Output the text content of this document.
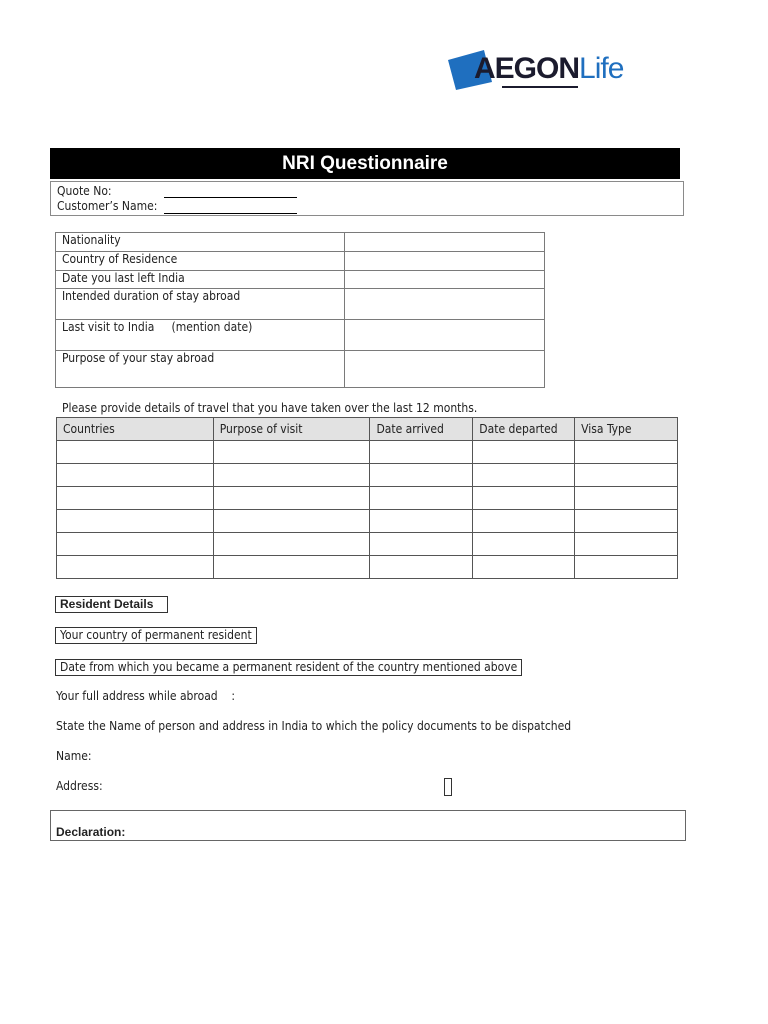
AEGONLife
NRI Questionnaire
Quote No:
Customer’s Name:
Nationality	
Country of Residence	
Date you last left India	
Intended duration of stay abroad	
Last visit to India     (mention date)	
Purpose of your stay abroad	
Please provide details of travel that you have taken over the last 12 months.
Countries	Purpose of visit	Date arrived	Date departed	Visa Type

Resident Details
Your country of permanent resident
Date from which you became a permanent resident of the country mentioned above
Your full address while abroad    :
State the Name of person and address in India to which the policy documents to be dispatched
Name:
Address:
Declaration:
